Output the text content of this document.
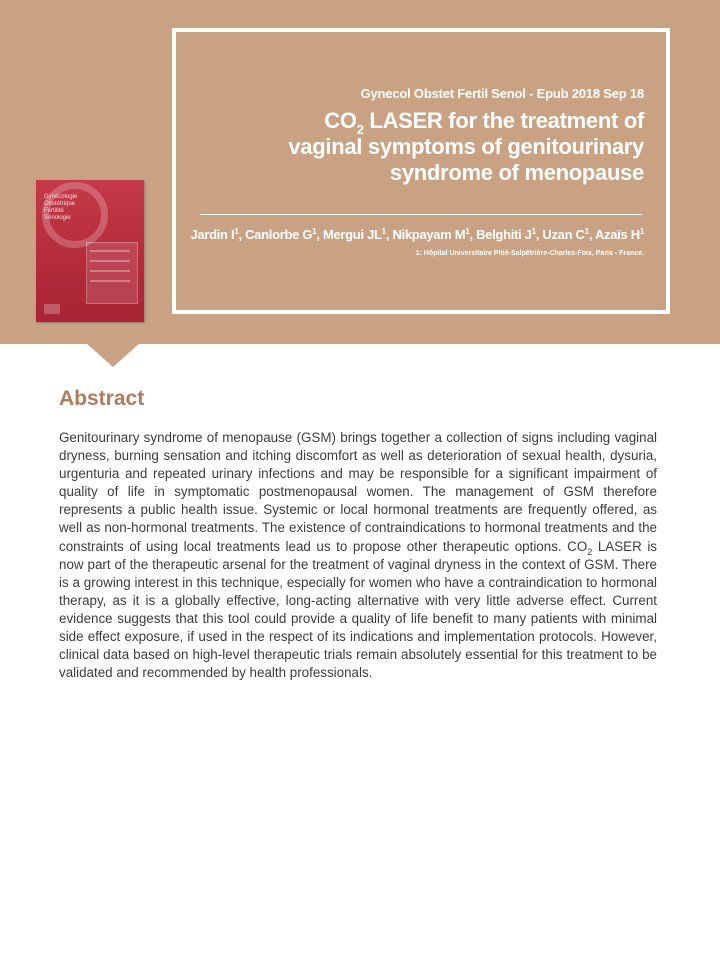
Gynécologie
Obstétrique
Fertilité
Sénologie
Gynecol Obstet Fertil Senol - Epub 2018 Sep 18
$CO_2$ LASER for the treatment of
vaginal symptoms of genitourinary
syndrome of menopause
Jardin $I^1$, Canlorbe $G^1$, Mergui $JL^1$, Nikpayam $M^1$, Belghiti $J^1$, Uzan $C^1$, Azaïs $H^1$
1: Hôpital Universitaire Pitié-Salpêtrière-Charles-Foix, Paris - France.
Abstract

Genitourinary syndrome of menopause (GSM) brings together a collection of signs including vaginal dryness, burning sensation and itching discomfort as well as deterioration of sexual health, dysuria, urgenturia and repeated urinary infections and may be responsible for a significant impairment of quality of life in symptomatic postmenopausal women. The management of GSM therefore represents a public health issue. Systemic or local hormonal treatments are frequently offered, as well as non-hormonal treatments. The existence of contraindications to hormonal treatments and the constraints of using local treatments lead us to propose other therapeutic options. $CO_2$ LASER is now part of the therapeutic arsenal for the treatment of vaginal dryness in the context of GSM. There is a growing interest in this technique, especially for women who have a contraindication to hormonal therapy, as it is a globally effective, long-acting alternative with very little adverse effect. Current evidence suggests that this tool could provide a quality of life benefit to many patients with minimal side effect exposure, if used in the respect of its indications and implementation protocols. However, clinical data based on high-level therapeutic trials remain absolutely essential for this treatment to be validated and recommended by health professionals.
